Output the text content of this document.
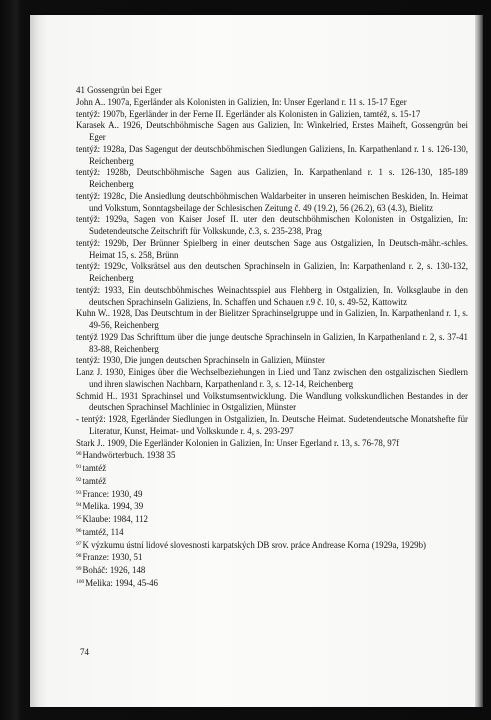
41 Gossengrün bei Eger

John A.. 1907a, Egerländer als Kolonisten in Galizien, In: Unser Egerland r. 11 s. 15-17 Eger

tentýž: 1907b, Egerländer in der Ferne II. Egerländer als Kolonisten in Galizien, tamtéž, s. 15-17

Karasek A.. 1926, Deutschböhmische Sagen aus Galizien, In: Winkelried, Erstes Maiheft, Gossengrün bei Eger

tentýž: 1928a, Das Sagengut der deutschböhmischen Siedlungen Galiziens, In. Karpathenland r. 1 s. 126-130, Reichenberg

tentýž: 1928b, Deutschböhmische Sagen aus Galizien, In. Karpathenland r. 1 s. 126-130, 185-189 Reichenberg

tentýž: 1928c, Die Ansiedlung deutschböhmischen Waldarbeiter in unseren heimischen Beskiden, In. Heimat und Volkstum, Sonntagsbeilage der Schlesischen Zeitung č. 49 (19.2), 56 (26.2), 63 (4.3), Bielitz

tentýž: 1929a, Sagen von Kaiser Josef II. uter den deutschböhmischen Kolonisten in Ostgalizien, In: Sudetendeutsche Zeitschrift für Volkskunde, č.3, s. 235-238, Prag

tentýž: 1929b, Der Brünner Spielberg in einer deutschen Sage aus Ostgalizien, In Deutsch-mähr.-schles. Heimat 15, s. 258, Brünn

tentýž: 1929c, Volksrätsel aus den deutschen Sprachinseln in Galizien, In: Karpathenland r. 2, s. 130-132, Reichenberg

tentýž: 1933, Ein deutschböhmisches Weinachtsspiel aus Flehberg in Ostgalizien, In. Volksglaube in den deutschen Sprachinseln Galiziens, In. Schaffen und Schauen r.9 č. 10, s. 49-52, Kattowitz

Kuhn W.. 1928, Das Deutschtum in der Bielitzer Sprachinselgruppe und in Galizien, In. Karpathenland r. 1, s. 49-56, Reichenberg

tentýž 1929 Das Schrifttum über die junge deutsche Sprachinseln in Galizien, In Karpathenland r. 2, s. 37-41 83-88, Reichenberg

tentýž: 1930, Die jungen deutschen Sprachinseln in Galizien, Münster

Lanz J. 1930, Einiges über die Wechselbeziehungen in Lied und Tanz zwischen den ostgalizischen Siedlern und ihren slawischen Nachbarn, Karpathenland r. 3, s. 12-14, Reichenberg

Schmid H.. 1931 Sprachinsel und Volkstumsentwicklung. Die Wandlung volkskundlichen Bestandes in der deutschen Sprachinsel Machliniec in Ostgalizien, Münster

- tentýž: 1928, Egerländer Siedlungen in Ostgalizien, In. Deutsche Heimat. Sudetendeutsche Monatshefte für Literatur, Kunst, Heimat- und Volkskunde r. 4, s. 293-297

Stark J.. 1909, Die Egerländer Kolonien in Galizien, In: Unser Egerland r. 13, s. 76-78, 97f

$^{90}$Handwörterbuch. 1938 35

$^{91}$tamtéž

$^{92}$tamtéž

$^{93}$France: 1930, 49

$^{94}$Melika. 1994, 39

$^{95}$Klaube: 1984, 112

$^{96}$tamtéž, 114

$^{97}$K výzkumu ústní lidové slovesnosti karpatských DB srov. práce Andrease Korna (1929a, 1929b)

$^{98}$Franze: 1930, 51

$^{99}$Boháč: 1926, 148

$^{100}$Melika: 1994, 45-46

74
